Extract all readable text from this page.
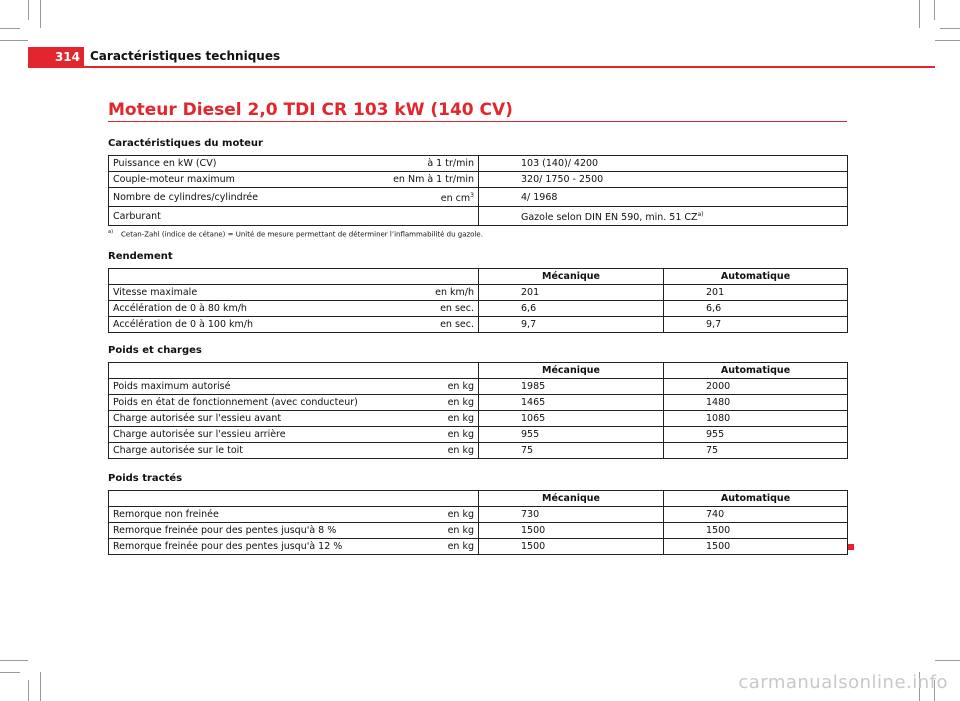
314 Caractéristiques techniques
Moteur Diesel 2,0 TDI CR 103 kW (140 CV)
Caractéristiques du moteur
Puissance en kW (CV)	à 1 tr/min	103 (140)/ 4200
Couple-moteur maximum	en Nm à 1 tr/min	320/ 1750 - 2500
Nombre de cylindres/cylindrée	en $cm^3$	4/ 1968
Carburant		Gazole selon DIN EN 590, min. 51 CZ$^{a)}$
$^{a)}$ Cetan-Zahl (indice de cétane) = Unité de mesure permettant de déterminer l’inflammabilité du gazole.
Rendement
		Mécanique	Automatique
Vitesse maximale	en km/h	201	201
Accélération de 0 à 80 km/h	en sec.	6,6	6,6
Accélération de 0 à 100 km/h	en sec.	9,7	9,7
Poids et charges
		Mécanique	Automatique
Poids maximum autorisé	en kg	1985	2000
Poids en état de fonctionnement (avec conducteur)	en kg	1465	1480
Charge autorisée sur l'essieu avant	en kg	1065	1080
Charge autorisée sur l'essieu arrière	en kg	955	955
Charge autorisée sur le toit	en kg	75	75
Poids tractés
		Mécanique	Automatique
Remorque non freinée	en kg	730	740
Remorque freinée pour des pentes jusqu'à 8 %	en kg	1500	1500
Remorque freinée pour des pentes jusqu'à 12 %	en kg	1500	1500
carmanualsonline.info
